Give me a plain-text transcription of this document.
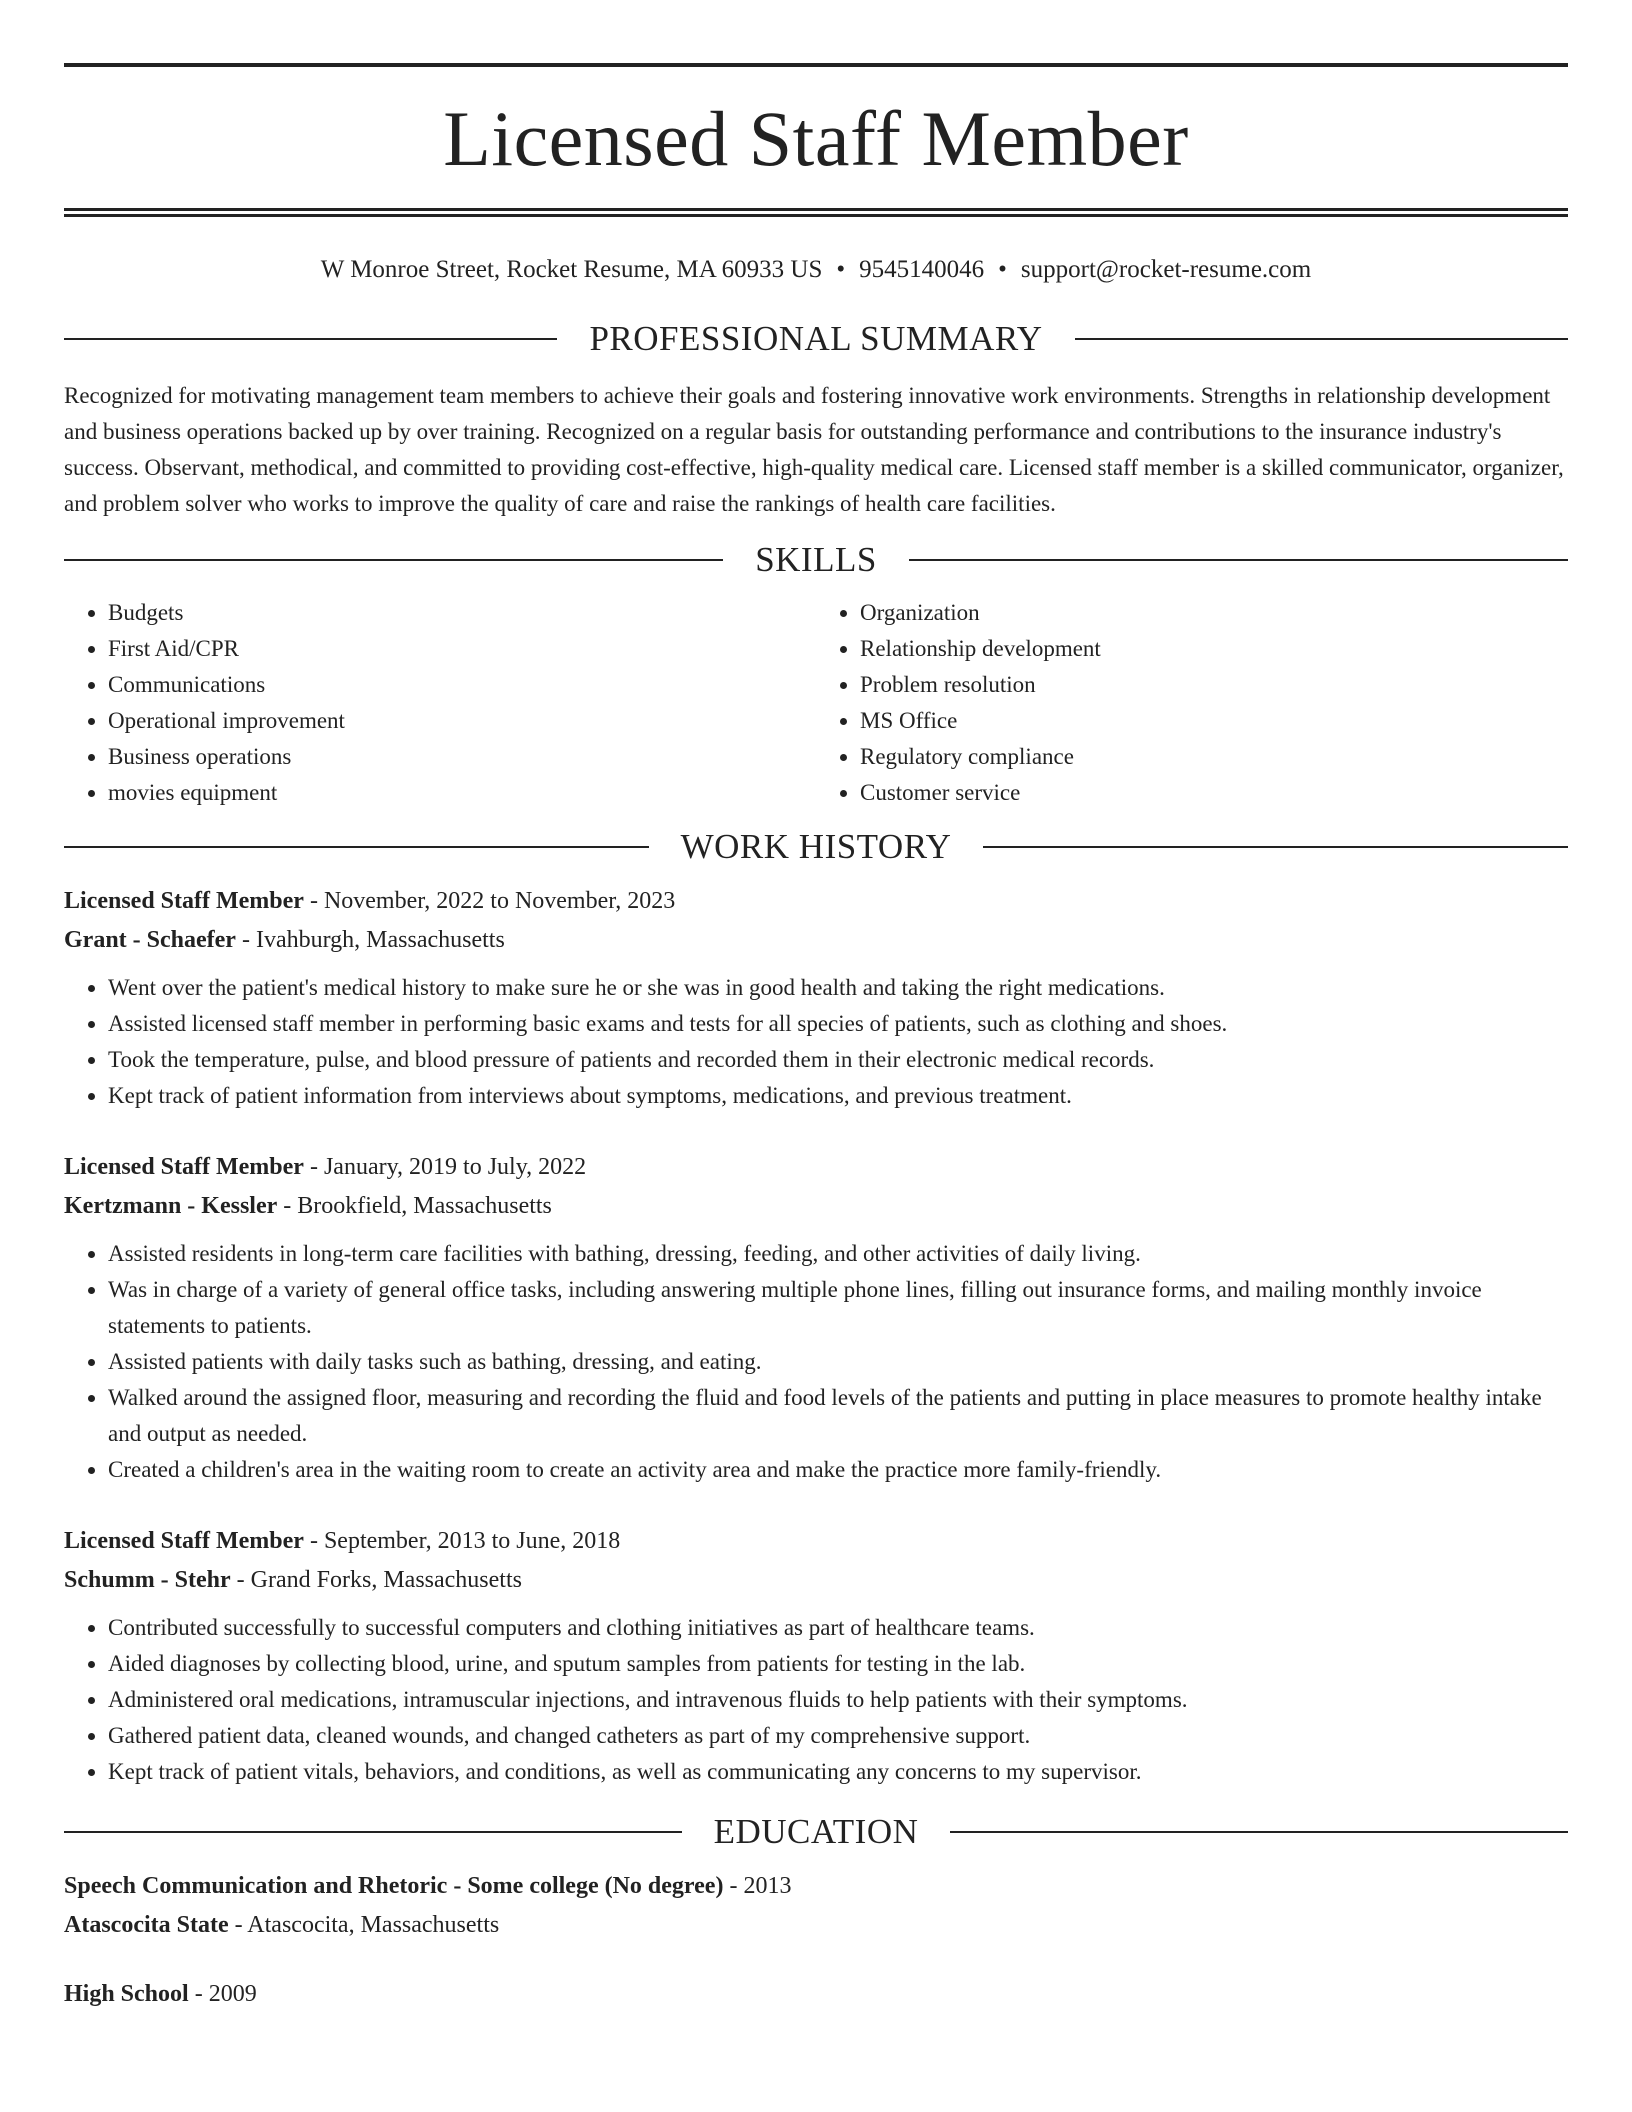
Licensed Staff Member
W Monroe Street, Rocket Resume, MA 60933 US • 9545140046 • support@rocket-resume.com
PROFESSIONAL SUMMARY

Recognized for motivating management team members to achieve their goals and fostering innovative work environments. Strengths in relationship development and business operations backed up by over training. Recognized on a regular basis for outstanding performance and contributions to the insurance industry's success. Observant, methodical, and committed to providing cost-effective, high-quality medical care. Licensed staff member is a skilled communicator, organizer, and problem solver who works to improve the quality of care and raise the rankings of health care facilities.

SKILLS
• Budgets
• First Aid/CPR
• Communications
• Operational improvement
• Business operations
• movies equipment
• Organization
• Relationship development
• Problem resolution
• MS Office
• Regulatory compliance
• Customer service
WORK HISTORY
Licensed Staff Member - November, 2022 to November, 2023
Grant - Schaefer - Ivahburgh, Massachusetts
• Went over the patient's medical history to make sure he or she was in good health and taking the right medications.
• Assisted licensed staff member in performing basic exams and tests for all species of patients, such as clothing and shoes.
• Took the temperature, pulse, and blood pressure of patients and recorded them in their electronic medical records.
• Kept track of patient information from interviews about symptoms, medications, and previous treatment.
Licensed Staff Member - January, 2019 to July, 2022
Kertzmann - Kessler - Brookfield, Massachusetts
• Assisted residents in long-term care facilities with bathing, dressing, feeding, and other activities of daily living.
• Was in charge of a variety of general office tasks, including answering multiple phone lines, filling out insurance forms, and mailing monthly invoice statements to patients.
• Assisted patients with daily tasks such as bathing, dressing, and eating.
• Walked around the assigned floor, measuring and recording the fluid and food levels of the patients and putting in place measures to promote healthy intake and output as needed.
• Created a children's area in the waiting room to create an activity area and make the practice more family-friendly.
Licensed Staff Member - September, 2013 to June, 2018
Schumm - Stehr - Grand Forks, Massachusetts
• Contributed successfully to successful computers and clothing initiatives as part of healthcare teams.
• Aided diagnoses by collecting blood, urine, and sputum samples from patients for testing in the lab.
• Administered oral medications, intramuscular injections, and intravenous fluids to help patients with their symptoms.
• Gathered patient data, cleaned wounds, and changed catheters as part of my comprehensive support.
• Kept track of patient vitals, behaviors, and conditions, as well as communicating any concerns to my supervisor.
EDUCATION
Speech Communication and Rhetoric - Some college (No degree) - 2013
Atascocita State - Atascocita, Massachusetts
High School - 2009
